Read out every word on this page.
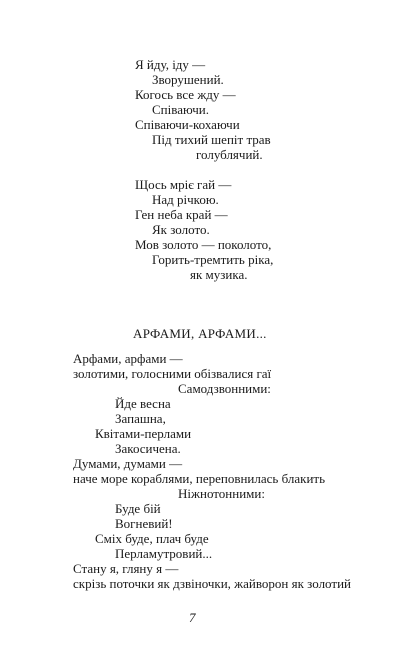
Я йду, іду —
Зворушений.
Когось все жду —
Співаючи.
Співаючи-кохаючи
Під тихий шепіт трав
голублячий.
Щось мріє гай —
Над річкою.
Ген неба край —
Як золото.
Мов золото — поколото,
Горить-тремтить ріка,
як музика.
АРФАМИ, АРФАМИ...
Арфами, арфами —
золотими, голосними обізвалися гаї
Самодзвонними:
Йде весна
Запашна,
Квітами-перлами
Закосичена.
Думами, думами —
наче море кораблями, переповнилась блакить
Ніжнотонними:
Буде бій
Вогневий!
Сміх буде, плач буде
Перламутровий...
Стану я, гляну я —
скрізь поточки як дзвіночки, жайворон як золотий
7
